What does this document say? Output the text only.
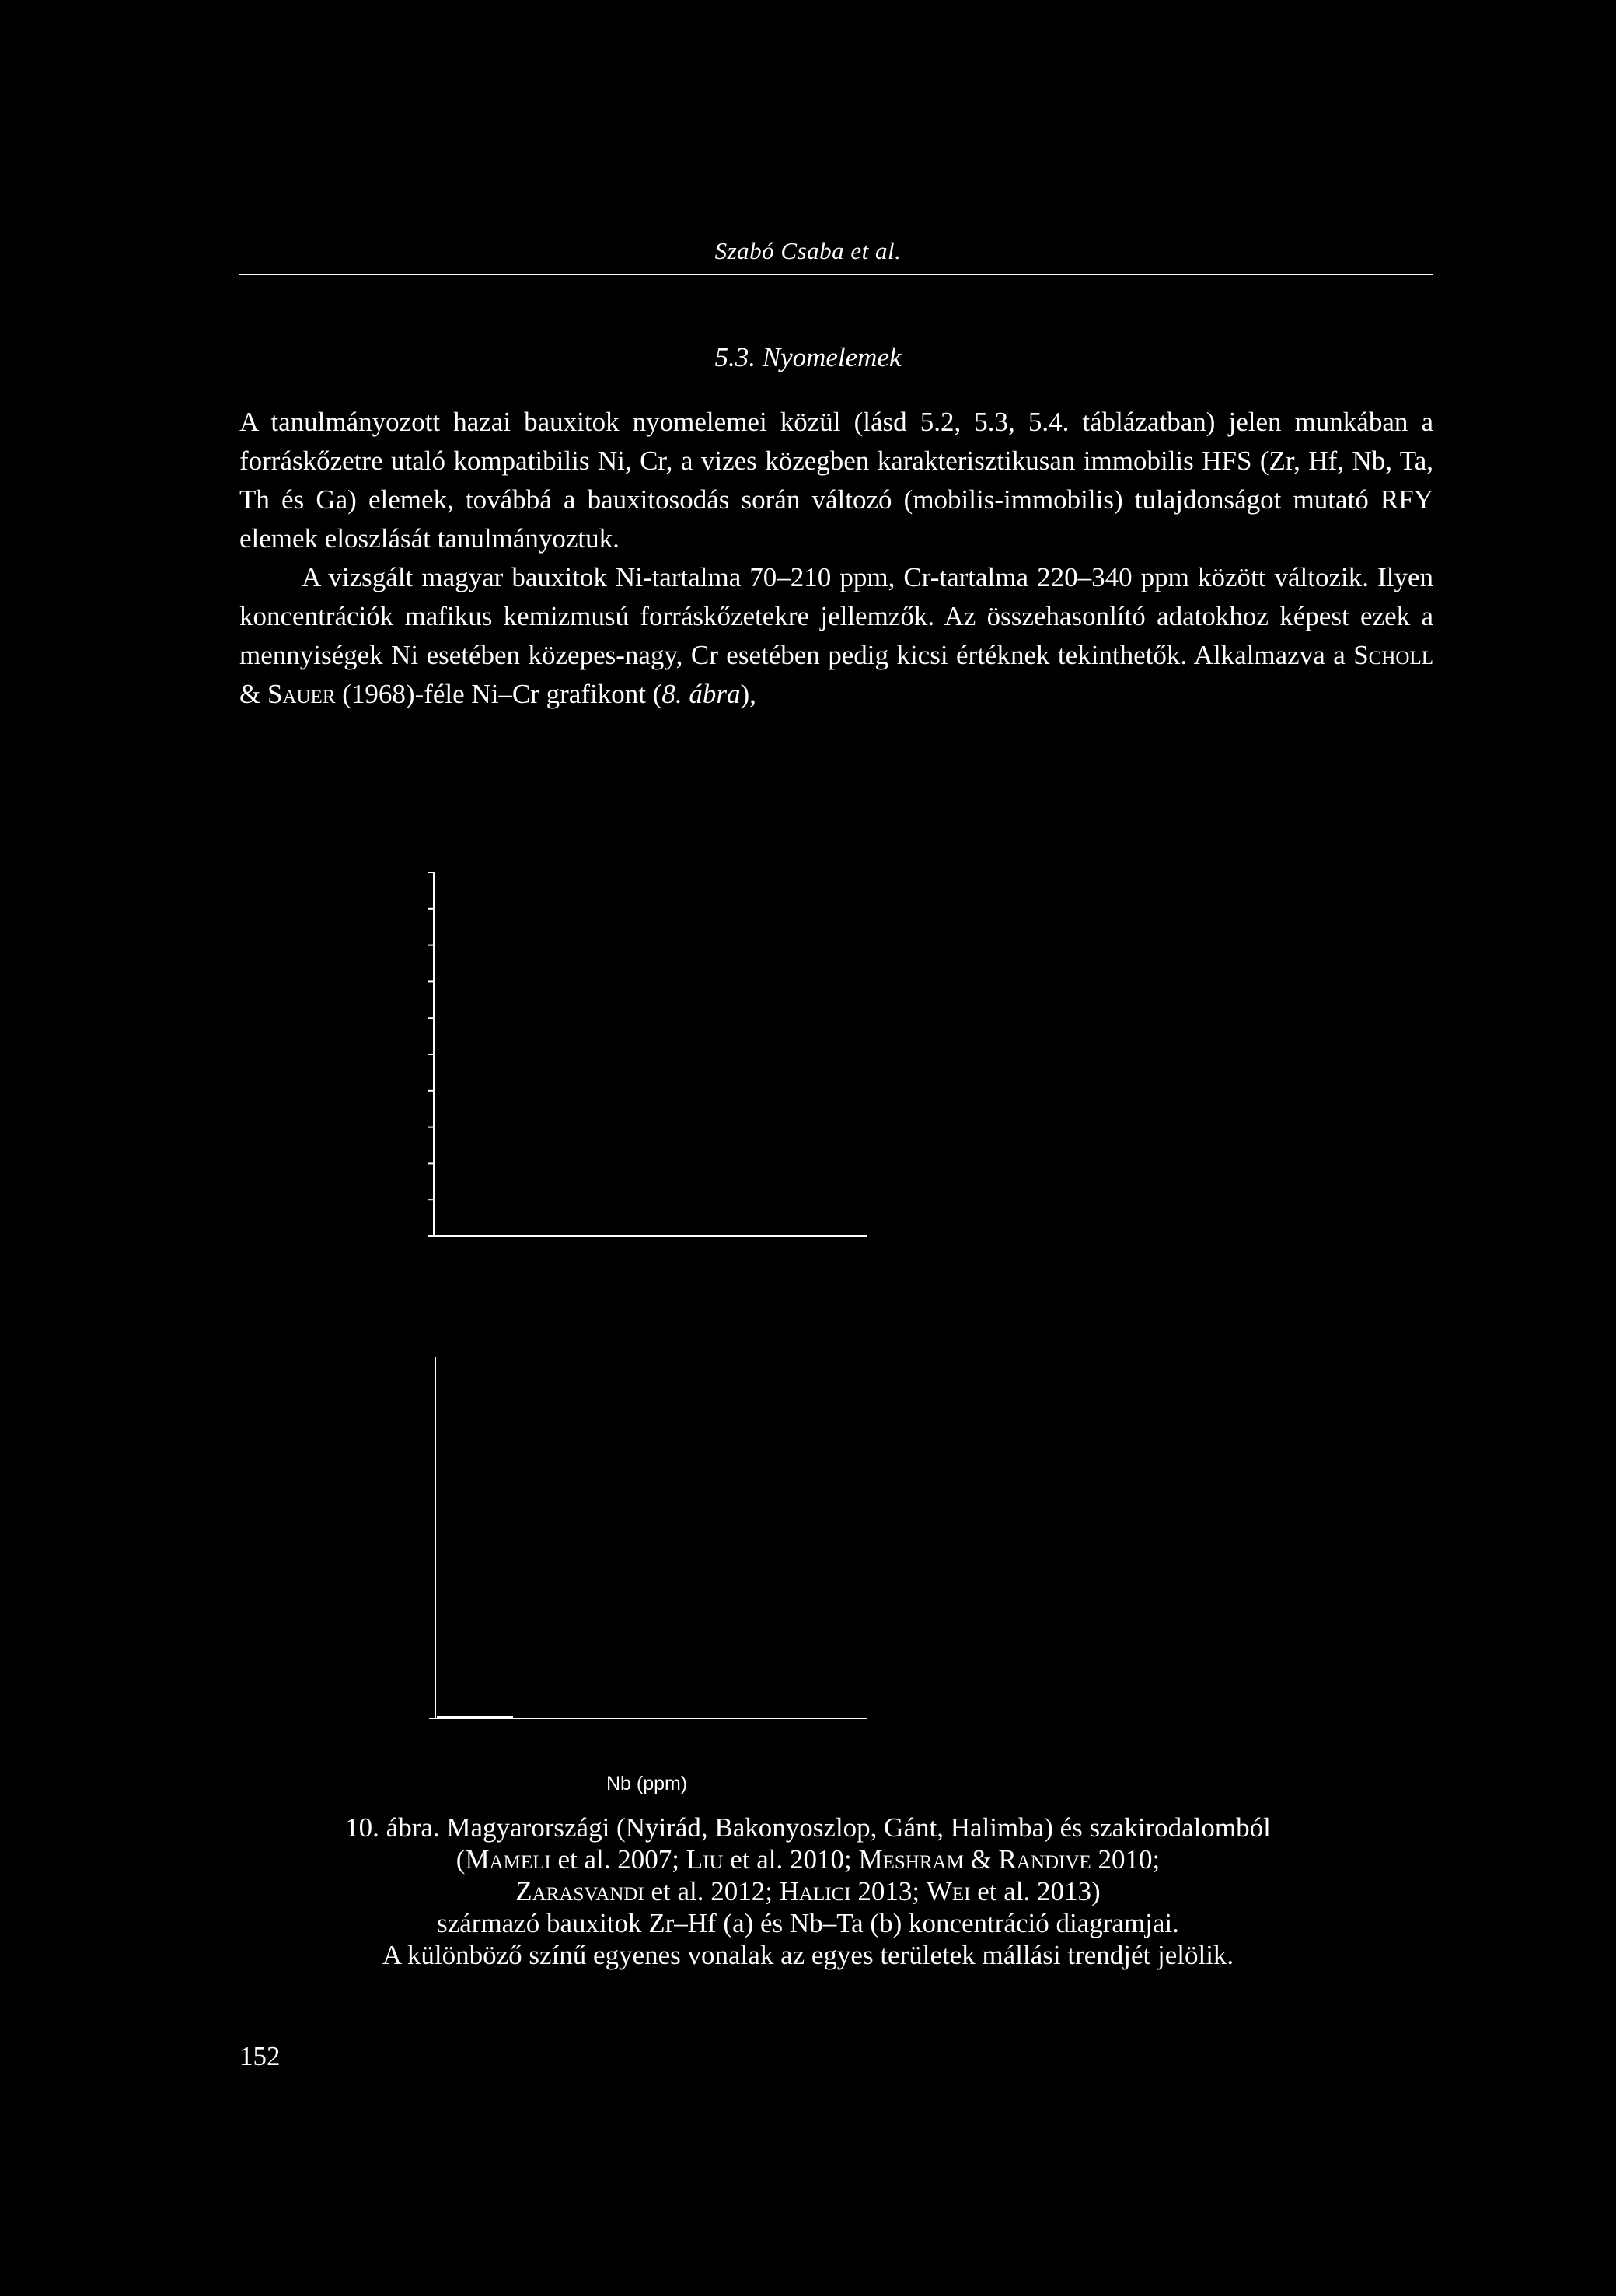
Szabó Csaba et al.
5.3. Nyomelemek

A tanulmányozott hazai bauxitok nyomelemei közül (lásd 5.2, 5.3, 5.4. táblázatban) jelen munkában a forráskőzetre utaló kompatibilis Ni, Cr, a vizes közegben karakterisztikusan immobilis HFS (Zr, Hf, Nb, Ta, Th és Ga) elemek, továbbá a bauxitosodás során változó (mobilis-immobilis) tulajdonságot mutató RFY elemek eloszlását tanulmányoztuk.

A vizsgált magyar bauxitok Ni-tartalma 70–210 ppm, Cr-tartalma 220–340 ppm között változik. Ilyen koncentrációk mafikus kemizmusú forráskőzetekre jellemzők. Az összehasonlító adatokhoz képest ezek a mennyiségek Ni esetében közepes-nagy, Cr esetében pedig kicsi értéknek tekinthetők. Alkalmazva a Scholl & Sauer (1968)-féle Ni–Cr grafikont (8. ábra),

Nb (ppm)
10. ábra. Magyarországi (Nyirád, Bakonyoszlop, Gánt, Halimba) és szakirodalomból
(Mameli et al. 2007; Liu et al. 2010; Meshram & Randive 2010;
Zarasvandi et al. 2012; Halici 2013; Wei et al. 2013)
származó bauxitok Zr–Hf (a) és Nb–Ta (b) koncentráció diagramjai.
A különböző színű egyenes vonalak az egyes területek mállási trendjét jelölik.
152
